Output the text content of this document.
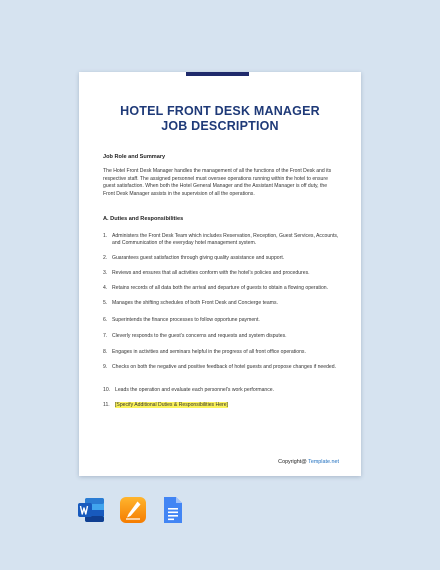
HOTEL FRONT DESK MANAGER
JOB DESCRIPTION
Job Role and Summary
The Hotel Front Desk Manager handles the management of all the functions of the Front Desk and its respective staff. The assigned personnel must oversee operations running within the hotel to ensure guest satisfaction. When both the Hotel General Manager and the Assistant Manager is off duty, the Front Desk Manager assists in the supervision of all the operations.
A. Duties and Responsibilities
1. Administers the Front Desk Team which includes Reservation, Reception, Guest Services, Accounts, and Communication of the everyday hotel management system.
2. Guarantees guest satisfaction through giving quality assistance and support.
3. Reviews and ensures that all activities conform with the hotel’s policies and procedures.
4. Retains records of all data both the arrival and departure of guests to obtain a flowing operation.
5. Manages the shifting schedules of both Front Desk and Concierge teams.
6. Superintends the finance processes to follow opportune payment.
7. Cleverly responds to the guest’s concerns and requests and system disputes.
8. Engages in activities and seminars helpful in the progress of all front office operations.
9. Checks on both the negative and positive feedback of hotel guests and propose changes if needed.
10. Leads the operation and evaluate each personnel’s work performance.
11.	[Specify Additional Duties & Responsibilities Here]
Copyright@ Template.net
